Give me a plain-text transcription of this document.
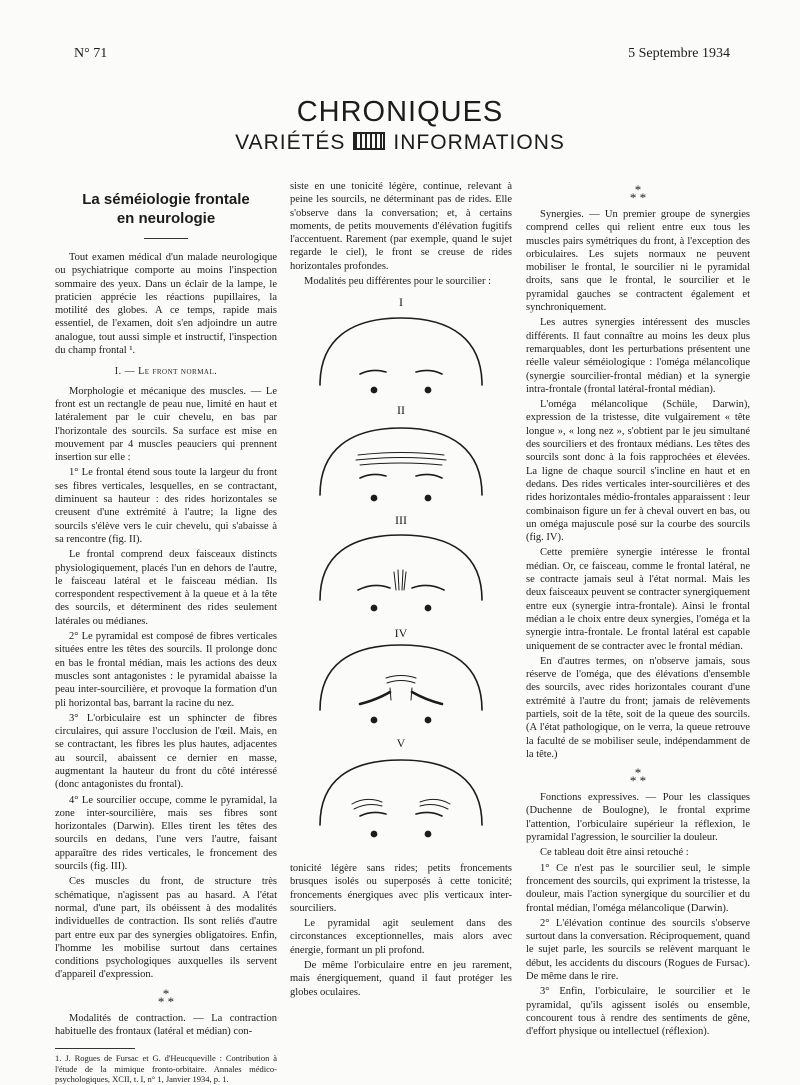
N° 71	5 Septembre 1934
CHRONIQUES
VARIÉTÉS INFORMATIONS
La séméiologie frontale
en neurologie

Tout examen médical d'un malade neurologique ou psychiatrique comporte au moins l'inspection sommaire des yeux. Dans un éclair de la lampe, le praticien apprécie les réactions pupillaires, la motilité des globes. A ce temps, rapide mais essentiel, de l'examen, doit s'en adjoindre un autre analogue, tout aussi simple et instructif, l'inspection du champ frontal ¹.

I. — Le front normal.

Morphologie et mécanique des muscles. — Le front est un rectangle de peau nue, limité en haut et latéralement par le cuir chevelu, en bas par l'horizontale des sourcils. Sa surface est mise en mouvement par 4 muscles peauciers qui prennent insertion sur elle :

1° Le frontal étend sous toute la largeur du front ses fibres verticales, lesquelles, en se contractant, diminuent sa hauteur : des rides horizontales se creusent d'une extrémité à l'autre; la ligne des sourcils s'élève vers le cuir chevelu, qui s'abaisse à sa rencontre (fig. II).

Le frontal comprend deux faisceaux distincts physiologiquement, placés l'un en dehors de l'autre, le faisceau latéral et le faisceau médian. Ils correspondent respectivement à la queue et à la tête des sourcils, et déterminent des rides seulement latérales ou médianes.

2° Le pyramidal est composé de fibres verticales situées entre les têtes des sourcils. Il prolonge donc en bas le frontal médian, mais les actions des deux muscles sont antagonistes : le pyramidal abaisse la peau inter-sourcilière, et provoque la formation d'un pli horizontal bas, barrant la racine du nez.

3° L'orbiculaire est un sphincter de fibres circulaires, qui assure l'occlusion de l'œil. Mais, en se contractant, les fibres les plus hautes, adjacentes au sourcil, abaissent ce dernier en masse, augmentant la hauteur du front du côté intéressé (donc antagonistes du frontal).

4° Le sourcilier occupe, comme le pyramidal, la zone inter-sourcilière, mais ses fibres sont horizontales (Darwin). Elles tirent les têtes des sourcils en dedans, l'une vers l'autre, faisant apparaître des rides verticales, le froncement des sourcils (fig. III).

Ces muscles du front, de structure très schématique, n'agissent pas au hasard. A l'état normal, d'une part, ils obéissent à des modalités individuelles de contraction. Ils sont reliés d'autre part entre eux par des synergies obligatoires. Enfin, l'homme les mobilise surtout dans certaines conditions psychologiques auxquelles ils servent d'appareil d'expression.

*
* *

Modalités de contraction. — La contraction habituelle des frontaux (latéral et médian) con-

1. J. Rogues de Fursac et G. d'Heucqueville : Contribution à l'étude de la mimique fronto-orbitaire. Annales médico-psychologiques, XCII, t. I, n° 1, Janvier 1934, p. 1.

siste en une tonicité légère, continue, relevant à peine les sourcils, ne déterminant pas de rides. Elle s'observe dans la conversation; et, à certains moments, de petits mouvements d'élévation fugitifs l'accentuent. Rarement (par exemple, quand le sujet regarde le ciel), le front se creuse de rides horizontales profondes.

Modalités peu différentes pour le sourcilier :

I
II
III
IV
V

tonicité légère sans rides; petits froncements brusques isolés ou superposés à cette tonicité; froncements énergiques avec plis verticaux inter-sourciliers.

Le pyramidal agit seulement dans des circonstances exceptionnelles, mais alors avec énergie, formant un pli profond.

De même l'orbiculaire entre en jeu rarement, mais énergiquement, quand il faut protéger les globes oculaires.

*
* *

Synergies. — Un premier groupe de synergies comprend celles qui relient entre eux tous les muscles pairs symétriques du front, à l'exception des orbiculaires. Les sujets normaux ne peuvent mobiliser le frontal, le sourcilier ni le pyramidal droits, sans que le frontal, le sourcilier et le pyramidal gauches se contractent également et synchroniquement.

Les autres synergies intéressent des muscles différents. Il faut connaître au moins les deux plus remarquables, dont les perturbations présentent une réelle valeur séméiologique : l'oméga mélancolique (synergie sourcilier-frontal médian) et la synergie intra-frontale (frontal latéral-frontal médian).

L'oméga mélancolique (Schüle, Darwin), expression de la tristesse, dite vulgairement « tête longue », « long nez », s'obtient par le jeu simultané des sourciliers et des frontaux médians. Les têtes des sourcils sont donc à la fois rapprochées et élevées. La ligne de chaque sourcil s'incline en haut et en dedans. Des rides verticales inter-sourcilières et des rides horizontales médio-frontales apparaissent : leur combinaison figure un fer à cheval ouvert en bas, ou un oméga majuscule posé sur la courbe des sourcils (fig. IV).

Cette première synergie intéresse le frontal médian. Or, ce faisceau, comme le frontal latéral, ne se contracte jamais seul à l'état normal. Mais les deux faisceaux peuvent se contracter synergiquement entre eux (synergie intra-frontale). Ainsi le frontal médian a le choix entre deux synergies, l'oméga et la synergie intra-frontale. Le frontal latéral est capable uniquement de se contracter avec le frontal médian.

En d'autres termes, on n'observe jamais, sous réserve de l'oméga, que des élévations d'ensemble des sourcils, avec rides horizontales courant d'une extrémité à l'autre du front; jamais de relèvements partiels, soit de la tête, soit de la queue des sourcils. (A l'état pathologique, on le verra, la queue retrouve la faculté de se mobiliser seule, indépendamment de la tête.)

*
* *

Fonctions expressives. — Pour les classiques (Duchenne de Boulogne), le frontal exprime l'attention, l'orbiculaire supérieur la réflexion, le pyramidal l'agression, le sourcilier la douleur.

Ce tableau doit être ainsi retouché :

1° Ce n'est pas le sourcilier seul, le simple froncement des sourcils, qui expriment la tristesse, la douleur, mais l'action synergique du sourcilier et du frontal médian, l'oméga mélancolique (Darwin).

2° L'élévation continue des sourcils s'observe surtout dans la conversation. Réciproquement, quand le sujet parle, les sourcils se relèvent marquant le début, les accidents du discours (Rogues de Fursac). De même dans le rire.

3° Enfin, l'orbiculaire, le sourcilier et le pyramidal, qu'ils agissent isolés ou ensemble, concourent tous à rendre des sentiments de gêne, d'effort physique ou intellectuel (réflexion).
